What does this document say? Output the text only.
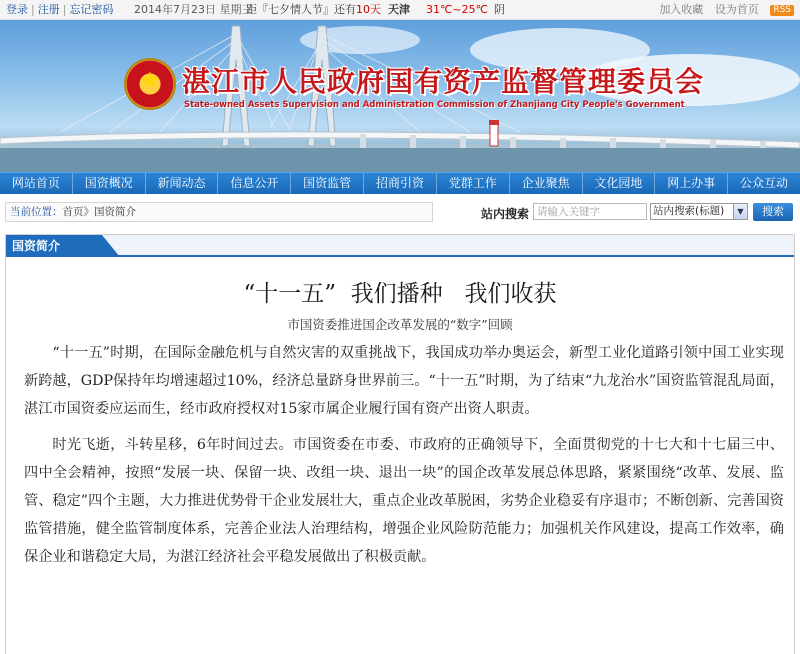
登录 | 注册 | 忘记密码 2014年7月23日 星期三
距『七夕情人节』还有10天 天津 31℃~25℃ 阴	加入收藏 设为首页 RSS
★ 湛江市人民政府国有资产监督管理委员会
State-owned Assets Supervision and Administration Commission of Zhanjiang City People's Government
网站首页	国资概况	新闻动态	信息公开	国资监管	招商引资	党群工作	企业聚焦	文化园地	网上办事	公众互动
当前位置：首页》国资简介	站内搜索
请输入关键字	站内搜索(标题)	▼	搜索
国资简介
“十一五”  我们播种   我们收获
市国资委推进国企改革发展的“数字”回顾

“十一五”时期，在国际金融危机与自然灾害的双重挑战下，我国成功举办奥运会，新型工业化道路引领中国工业实现新跨越，GDP保持年均增速超过10%，经济总量跻身世界前三。“十一五”时期，为了结束“九龙治水”国资监管混乱局面，湛江市国资委应运而生，经市政府授权对15家市属企业履行国有资产出资人职责。

时光飞逝，斗转星移，6年时间过去。市国资委在市委、市政府的正确领导下，全面贯彻党的十七大和十七届三中、四中全会精神，按照“发展一块、保留一块、改组一块、退出一块”的国企改革发展总体思路，紧紧围绕“改革、发展、监管、稳定”四个主题，大力推进优势骨干企业发展壮大，重点企业改革脱困，劣势企业稳妥有序退市；不断创新、完善国资监管措施，健全监管制度体系，完善企业法人治理结构，增强企业风险防范能力；加强机关作风建设，提高工作效率，确保企业和谐稳定大局，为湛江经济社会平稳发展做出了积极贡献。
